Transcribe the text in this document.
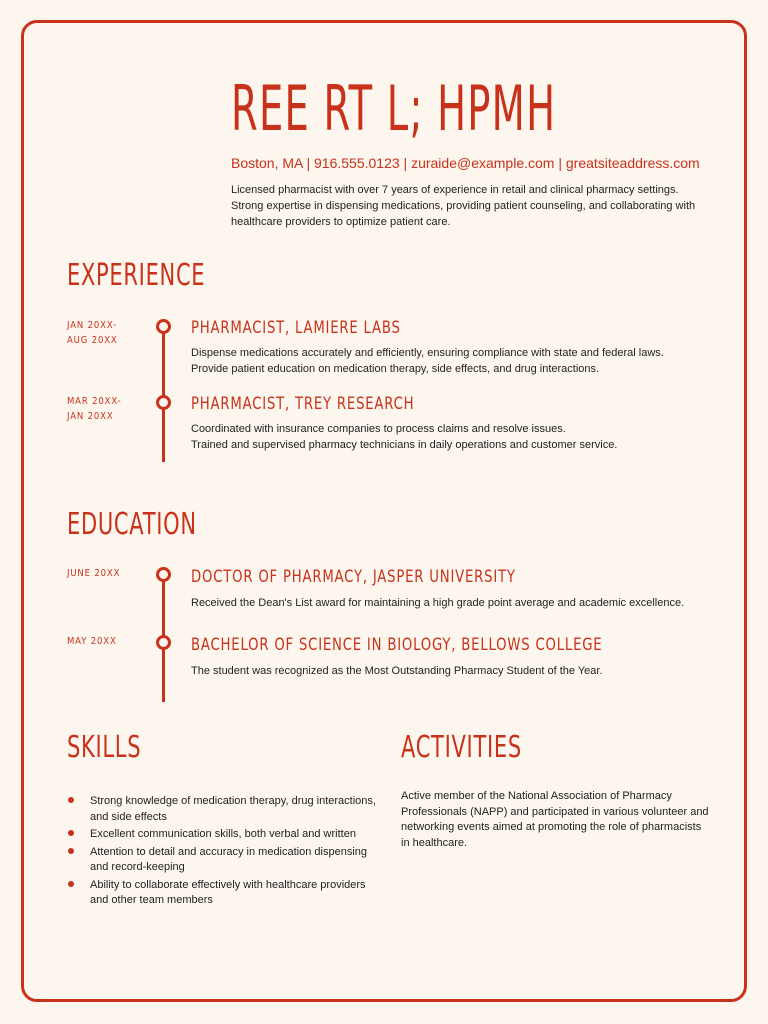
REE RT L; HPMH
Boston, MA | 916.555.0123 | zuraide@example.com | greatsiteaddress.com
Licensed pharmacist with over 7 years of experience in retail and clinical pharmacy settings. Strong expertise in dispensing medications, providing patient counseling, and collaborating with healthcare providers to optimize patient care.
EXPERIENCE
JAN 20XX-
AUG 20XX
PHARMACIST, LAMIERE LABS
Dispense medications accurately and efficiently, ensuring compliance with state and federal laws.
Provide patient education on medication therapy, side effects, and drug interactions.
MAR 20XX-
JAN 20XX
PHARMACIST, TREY RESEARCH
Coordinated with insurance companies to process claims and resolve issues.
Trained and supervised pharmacy technicians in daily operations and customer service.
EDUCATION
JUNE 20XX	DOCTOR OF PHARMACY, JASPER UNIVERSITY
Received the Dean's List award for maintaining a high grade point average and academic excellence.
MAY 20XX	BACHELOR OF SCIENCE IN BIOLOGY, BELLOWS COLLEGE
The student was recognized as the Most Outstanding Pharmacy Student of the Year.
SKILLS
Strong knowledge of medication therapy, drug interactions, and side effects
Excellent communication skills, both verbal and written
Attention to detail and accuracy in medication dispensing and record-keeping
Ability to collaborate effectively with healthcare providers and other team members
ACTIVITIES
Active member of the National Association of Pharmacy Professionals (NAPP) and participated in various volunteer and networking events aimed at promoting the role of pharmacists in healthcare.
